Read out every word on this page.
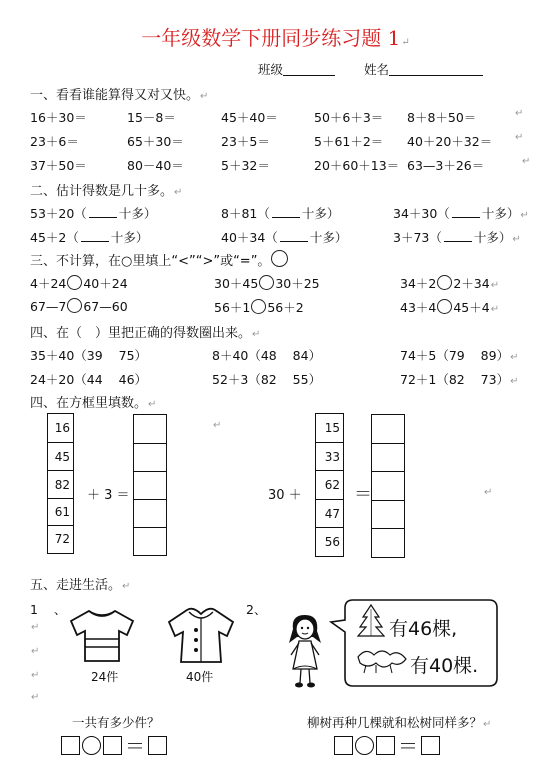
一年级数学下册同步练习题 1↵
班级	姓名
一、看看谁能算得又对又快。↵
16＋30＝	15－8＝	45＋40＝	50＋6＋3＝ 8＋8＋50＝
23＋6＝	65＋30＝	23＋5＝	5＋61＋2＝ 40＋20＋32＝
37＋50＝	80－40＝	5＋32＝	20＋60＋13＝ 63—3＋26＝
↵
↵
↵
二、估计得数是几十多。↵
53＋20（	十多）	8＋81（	十多）	34＋30（	十多）↵
45＋2（	十多）	40＋34（	十多）	3＋73（	十多）↵
三、不计算，在○里填上“<”“>”或“=”。
4＋24 40＋24	30＋45 30＋25	34＋2 2＋34↵
67—7 67—60	56＋1 56＋2	43＋4 45＋4↵
四、在（　）里把正确的得数圈出来。↵
35＋40（39 75）	8＋40（48 84）	74＋5（79 89）↵
24＋20（44 46）	52＋3（82 55）	72＋1（82 73）↵
四、在方框里填数。↵
↵
16
45
82
61
72
＋ 3 ＝	30 ＋
15
33
62
47
56
＝	↵
五、走进生活。↵
1    、	2、
↵
↵
↵
↵
24件	40件
有46棵,
有40棵.
一共有多少件？	柳树再种几棵就和松树同样多？↵
＝	＝
